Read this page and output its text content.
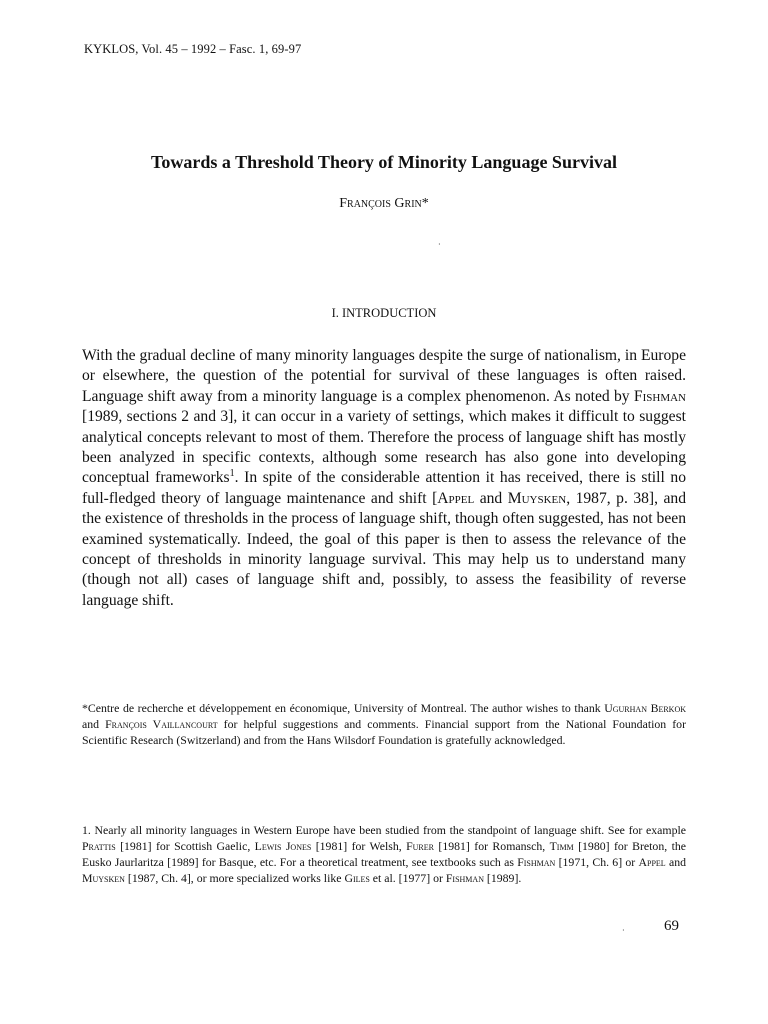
KYKLOS, Vol. 45 – 1992 – Fasc. 1, 69-97
Towards a Threshold Theory of Minority Language Survival
François Grin*
·
I. INTRODUCTION

With the gradual decline of many minority languages despite the surge of nationalism, in Europe or elsewhere, the question of the potential for survival of these languages is often raised. Language shift away from a minority language is a complex phenomenon. As noted by Fishman [1989, sections 2 and 3], it can occur in a variety of settings, which makes it difficult to suggest analytical concepts relevant to most of them. Therefore the process of language shift has mostly been analyzed in specific contexts, although some research has also gone into developing conceptual frameworks$^1$. In spite of the considerable attention it has received, there is still no full-fledged theory of language maintenance and shift [Appel and Muysken, 1987, p. 38], and the existence of thresholds in the process of language shift, though often suggested, has not been examined systematically. Indeed, the goal of this paper is then to assess the relevance of the concept of thresholds in minority language survival. This may help us to understand many (though not all) cases of language shift and, possibly, to assess the feasibility of reverse language shift.

*Centre de recherche et développement en économique, University of Montreal. The author wishes to thank Ugurhan Berkok and François Vaillancourt for helpful suggestions and comments. Financial support from the National Foundation for Scientific Research (Switzerland) and from the Hans Wilsdorf Foundation is gratefully acknowledged.

1. Nearly all minority languages in Western Europe have been studied from the standpoint of language shift. See for example Prattis [1981] for Scottish Gaelic, Lewis Jones [1981] for Welsh, Furer [1981] for Romansch, Timm [1980] for Breton, the Eusko Jaurlaritza [1989] for Basque, etc. For a theoretical treatment, see textbooks such as Fishman [1971, Ch. 6] or Appel and Muysken [1987, Ch. 4], or more specialized works like Giles et al. [1977] or Fishman [1989].

·	69
